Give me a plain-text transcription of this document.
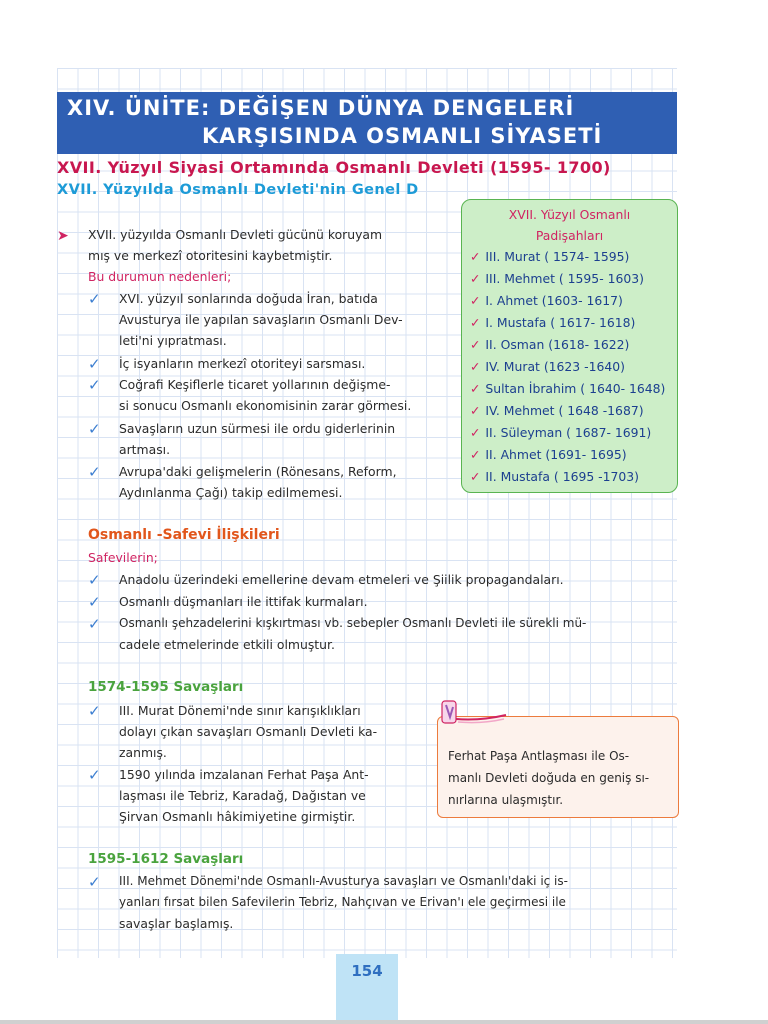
XIV. ÜNİTE: DEĞİŞEN DÜNYA DENGELERİ
KARŞISINDA OSMANLI SİYASETİ
XVII. Yüzyıl Siyasi Ortamında Osmanlı Devleti (1595- 1700)
XVII. Yüzyılda Osmanlı Devleti'nin Genel D
➤ XVII. yüzyılda Osmanlı Devleti gücünü koruyam
mış ve merkezî otoritesini kaybetmiştir.
Bu durumun nedenleri;
✓ XVI. yüzyıl sonlarında doğuda İran, batıda
Avusturya ile yapılan savaşların Osmanlı Dev-
leti'ni yıpratması.
✓ İç isyanların merkezî otoriteyi sarsması.
✓ Coğrafi Keşiflerle ticaret yollarının değişme-
si sonucu Osmanlı ekonomisinin zarar görmesi.
✓ Savaşların uzun sürmesi ile ordu giderlerinin
artması.
✓ Avrupa'daki gelişmelerin (Rönesans, Reform,
Aydınlanma Çağı) takip edilmemesi.
XVII. Yüzyıl Osmanlı
Padişahları
✓ III. Murat ( 1574- 1595)
✓ III. Mehmet ( 1595- 1603)
✓ I. Ahmet (1603- 1617)
✓ I. Mustafa ( 1617- 1618)
✓ II. Osman (1618- 1622)
✓ IV. Murat (1623 -1640)
✓ Sultan İbrahim ( 1640- 1648)
✓ IV. Mehmet ( 1648 -1687)
✓ II. Süleyman ( 1687- 1691)
✓ II. Ahmet (1691- 1695)
✓ II. Mustafa ( 1695 -1703)
Osmanlı -Safevi İlişkileri
Safevilerin;
✓ Anadolu üzerindeki emellerine devam etmeleri ve Şiilik propagandaları.
✓ Osmanlı düşmanları ile ittifak kurmaları.
✓ Osmanlı şehzadelerini kışkırtması vb. sebepler Osmanlı Devleti ile sürekli mü-
cadele etmelerinde etkili olmuştur.
1574-1595 Savaşları
✓ III. Murat Dönemi'nde sınır karışıklıkları
dolayı çıkan savaşları Osmanlı Devleti ka-
zanmış.
✓ 1590 yılında imzalanan Ferhat Paşa Ant-
laşması ile Tebriz, Karadağ, Dağıstan ve
Şirvan Osmanlı hâkimiyetine girmiştir.
Ferhat Paşa Antlaşması ile Os-
manlı Devleti doğuda en geniş sı-
nırlarına ulaşmıştır.
1595-1612 Savaşları
✓ III. Mehmet Dönemi'nde Osmanlı-Avusturya savaşları ve Osmanlı'daki iç is-
yanları fırsat bilen Safevilerin Tebriz, Nahçıvan ve Erivan'ı ele geçirmesi ile
savaşlar başlamış.
154
